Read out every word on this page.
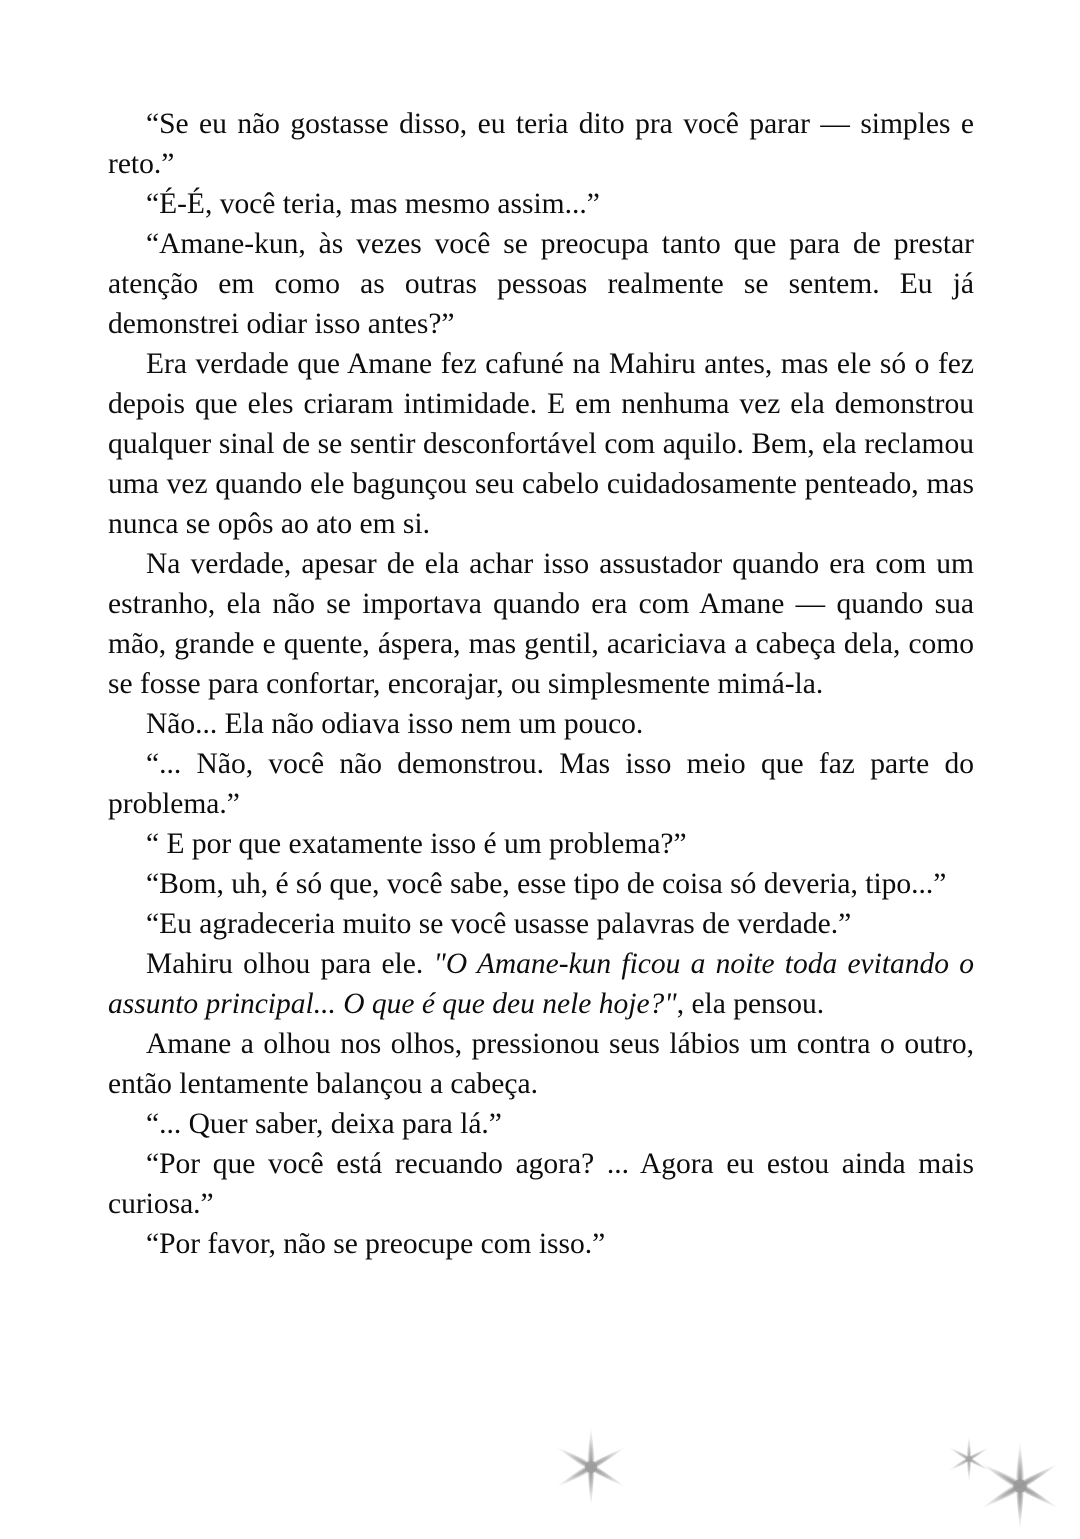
“Se eu não gostasse disso, eu teria dito pra você parar — simples e reto.”

“É-É, você teria, mas mesmo assim...”

“Amane-kun, às vezes você se preocupa tanto que para de prestar atenção em como as outras pessoas realmente se sentem. Eu já demonstrei odiar isso antes?”

Era verdade que Amane fez cafuné na Mahiru antes, mas ele só o fez depois que eles criaram intimidade. E em nenhuma vez ela demonstrou qualquer sinal de se sentir desconfortável com aquilo. Bem, ela reclamou uma vez quando ele bagunçou seu cabelo cuidadosamente penteado, mas nunca se opôs ao ato em si.

Na verdade, apesar de ela achar isso assustador quando era com um estranho, ela não se importava quando era com Amane — quando sua mão, grande e quente, áspera, mas gentil, acariciava a cabeça dela, como se fosse para confortar, encorajar, ou simplesmente mimá-la.

Não... Ela não odiava isso nem um pouco.

“... Não, você não demonstrou. Mas isso meio que faz parte do problema.”

“ E por que exatamente isso é um problema?”

“Bom, uh, é só que, você sabe, esse tipo de coisa só deveria, tipo...”

“Eu agradeceria muito se você usasse palavras de verdade.”

Mahiru olhou para ele. "O Amane-kun ficou a noite toda evitando o assunto principal... O que é que deu nele hoje?", ela pensou.

Amane a olhou nos olhos, pressionou seus lábios um contra o outro, então lentamente balançou a cabeça.

“... Quer saber, deixa para lá.”

“Por que você está recuando agora? ... Agora eu estou ainda mais curiosa.”

“Por favor, não se preocupe com isso.”
